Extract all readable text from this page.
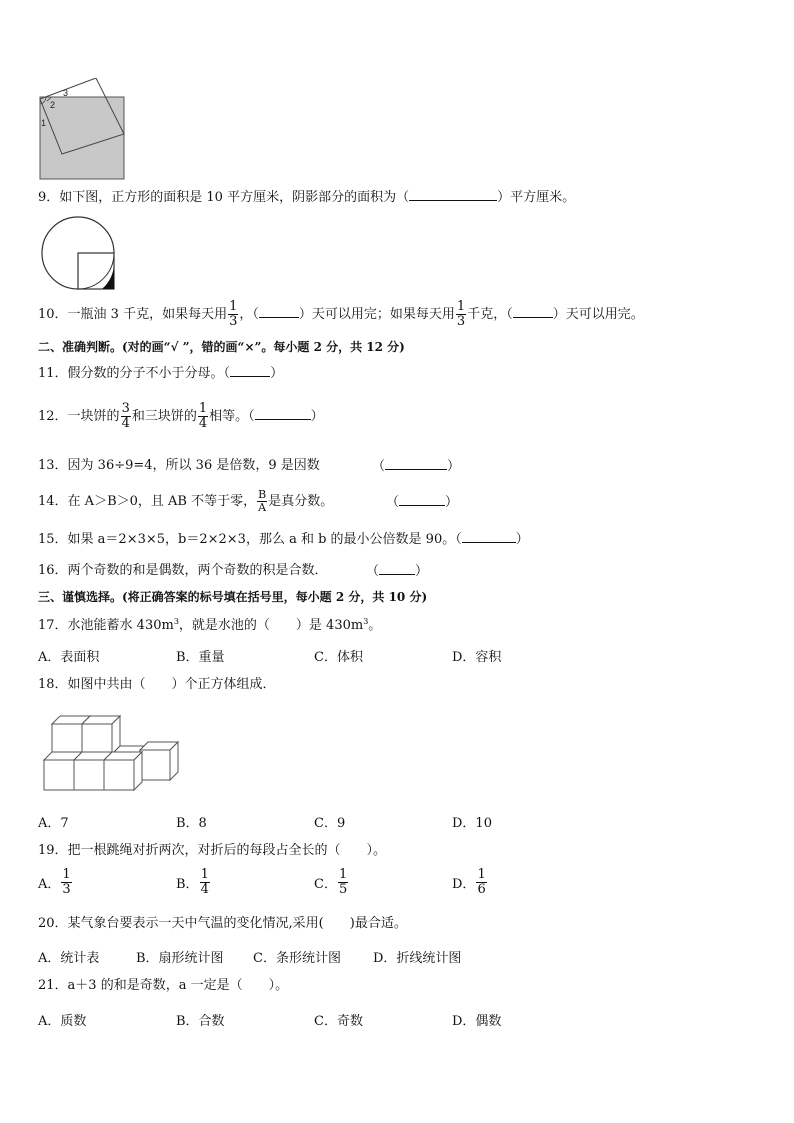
3
2
1
9．如下图，正方形的面积是 10 平方厘米，阴影部分的面积为（	）平方厘米。
10．一瓶油 3 千克，如果每天用 $\frac{1}{3}$ ，（	）天可以用完；如果每天用 $\frac{1}{3}$ 千克，（	）天可以用完。
二、准确判断。(对的画“√ ”，错的画“×”。每小题 2 分，共 12 分)
11．假分数的分子不小于分母。（	）
12．一块饼的 $\frac{3}{4}$ 和三块饼的 $\frac{1}{4}$ 相等。（	）
13．因为 36÷9=4，所以 36 是倍数，9 是因数	（	）
14．在 A＞B＞0，且 AB 不等于零， $\frac{B}{A}$ 是真分数。	（	）
15．如果 a＝2×3×5，b＝2×2×3，那么 a 和 b 的最小公倍数是 90。（	）
16．两个奇数的和是偶数，两个奇数的积是合数．	（	）
三、谨慎选择。(将正确答案的标号填在括号里，每小题 2 分，共 10 分)
17．水池能蓄水 $430m^3$，就是水池的（　　）是 $430m^3$。
A．表面积	B．重量	C．体积	D．容积
18．如图中共由（　　）个正方体组成．
A．7	B．8	C．9	D．10
19．把一根跳绳对折两次，对折后的每段占全长的（　　）。
A． $\frac{1}{3}$	B． $\frac{1}{4}$	C． $\frac{1}{5}$	D． $\frac{1}{6}$
20．某气象台要表示一天中气温的变化情况,采用(　　)最合适。
A．统计表	B．扇形统计图 C．条形统计图 D．折线统计图
21．a＋3 的和是奇数，a 一定是（　　）。
A．质数	B．合数	C．奇数	D．偶数
